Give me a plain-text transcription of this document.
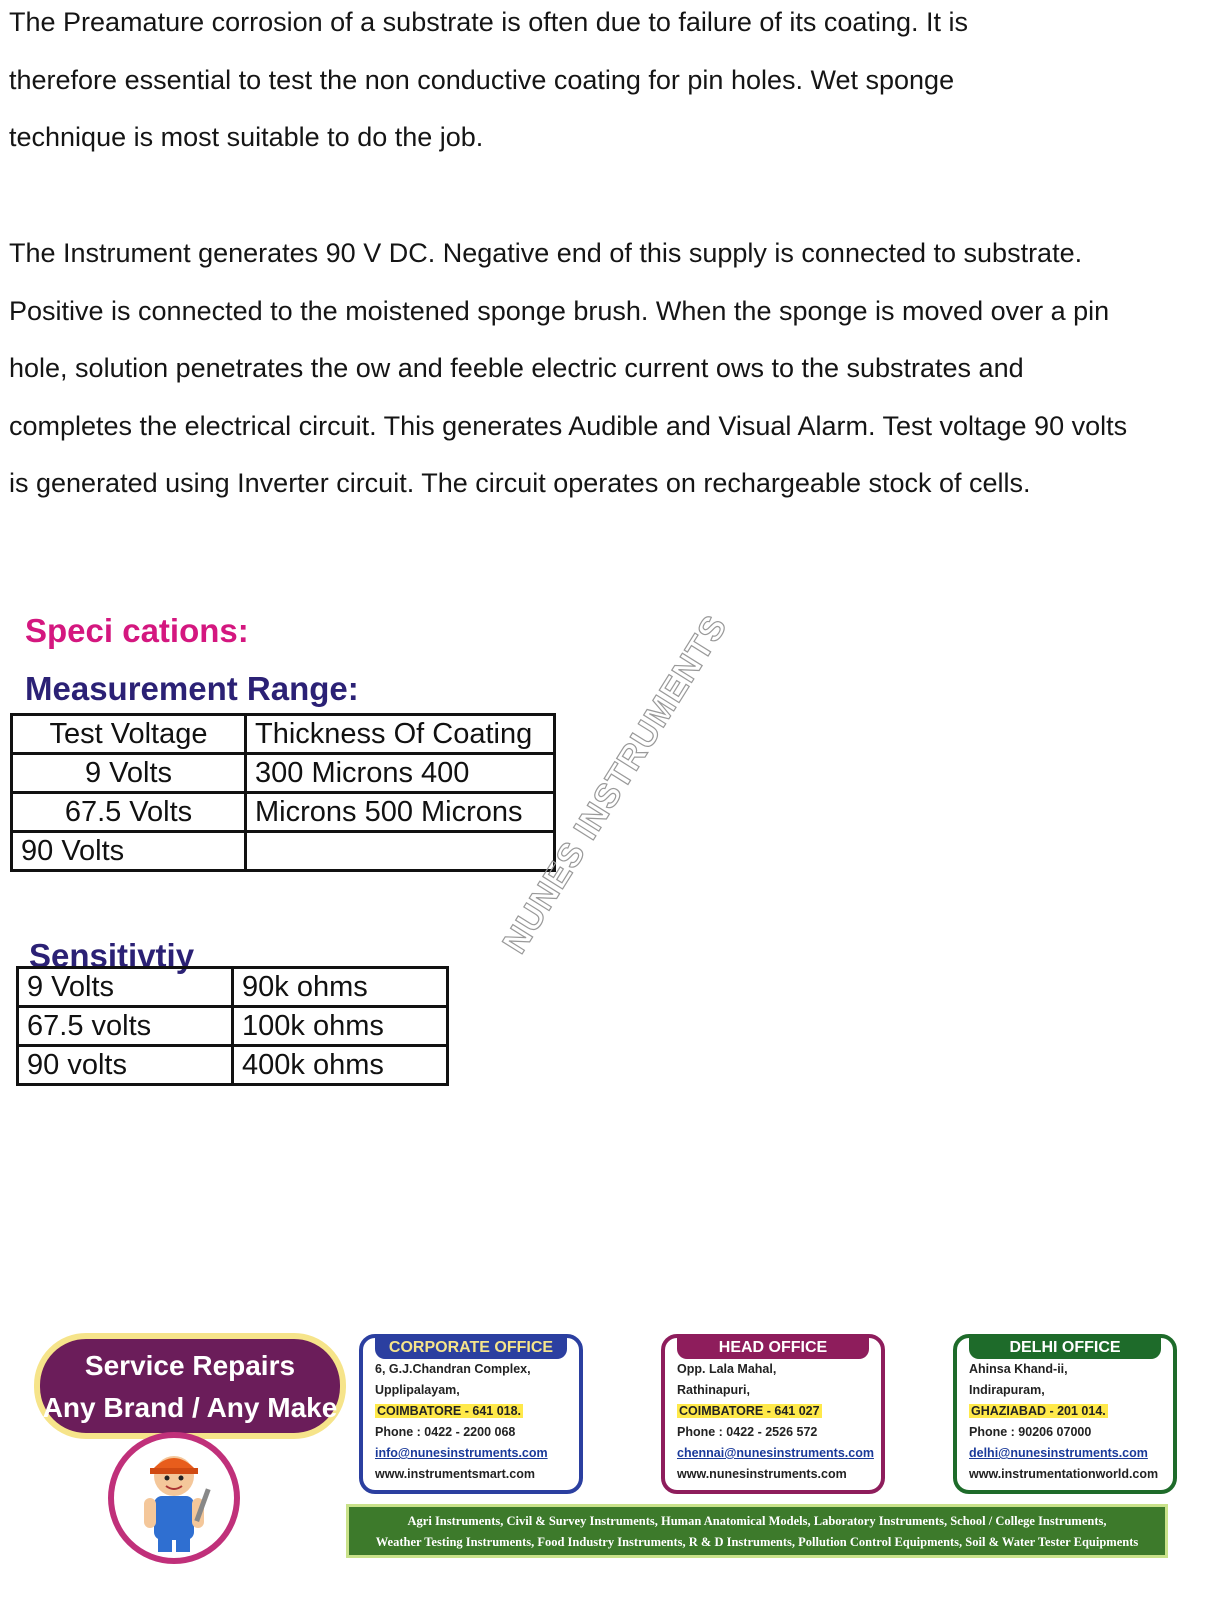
The Preamature corrosion of a substrate is often due to failure of its coating. It is therefore essential to test the non conductive coating for pin holes. Wet sponge technique is most suitable to do the job.

The Instrument generates 90 V DC. Negative end of this supply is connected to substrate. Positive is connected to the moistened sponge brush. When the sponge is moved over a pin hole, solution penetrates the ow and feeble electric current ows to the substrates and completes the electrical circuit. This generates Audible and Visual Alarm. Test voltage 90 volts is generated using Inverter circuit. The circuit operates on rechargeable stock of cells.

Speci cations:
Measurement Range:
Test Voltage	Thickness Of Coating
9 Volts	300 Microns 400
67.5 Volts	Microns 500 Microns
90 Volts		NUNES INSTRUMENTS
Sensitivtiy
9 Volts	90k ohms
67.5 volts	100k ohms
90 volts	400k ohms
Service Repairs
Any Brand / Any Make
CORPORATE OFFICE
6, G.J.Chandran Complex,
Upplipalayam,
COIMBATORE - 641 018.
Phone : 0422 - 2200 068
info@nunesinstruments.com
www.instrumentsmart.com
HEAD OFFICE
Opp. Lala Mahal,
Rathinapuri,
COIMBATORE - 641 027
Phone : 0422 - 2526 572
chennai@nunesinstruments.com
www.nunesinstruments.com
DELHI OFFICE
Ahinsa Khand-ii,
Indirapuram,
GHAZIABAD - 201 014.
Phone : 90206 07000
delhi@nunesinstruments.com
www.instrumentationworld.com
Agri Instruments, Civil & Survey Instruments, Human Anatomical Models, Laboratory Instruments, School / College Instruments,
Weather Testing Instruments, Food Industry Instruments, R & D Instruments, Pollution Control Equipments, Soil & Water Tester Equipments
